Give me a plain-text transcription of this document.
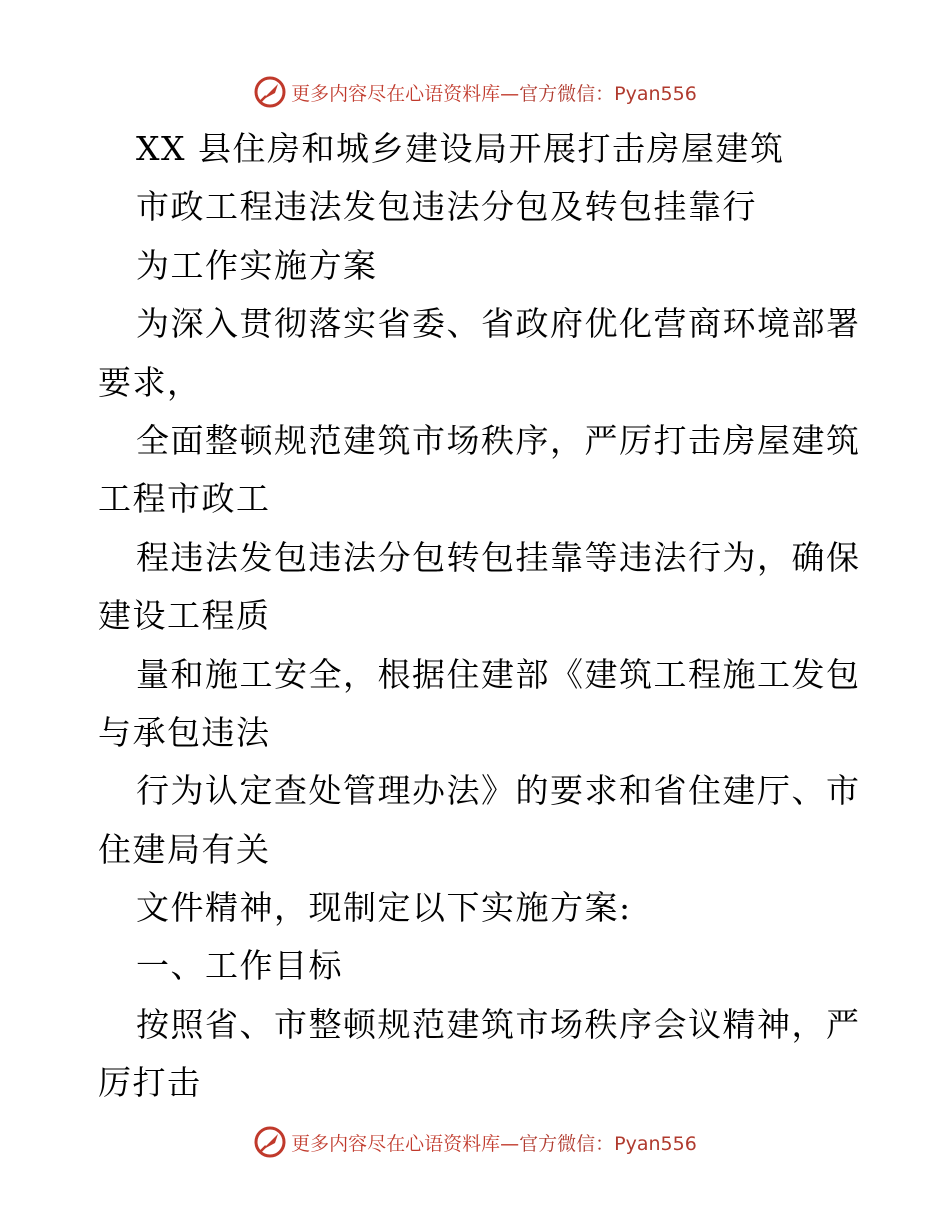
更多内容尽在心语资料库—官方微信：Pyan556
XX 县住房和城乡建设局开展打击房屋建筑
市政工程违法发包违法分包及转包挂靠行
为工作实施方案
为深入贯彻落实省委、省政府优化营商环境部署
要求，
全面整顿规范建筑市场秩序，严厉打击房屋建筑
工程市政工
程违法发包违法分包转包挂靠等违法行为，确保
建设工程质
量和施工安全，根据住建部《建筑工程施工发包
与承包违法
行为认定查处管理办法》的要求和省住建厅、市
住建局有关
文件精神，现制定以下实施方案:
一、工作目标
按照省、市整顿规范建筑市场秩序会议精神，严
厉打击
更多内容尽在心语资料库—官方微信：Pyan556
